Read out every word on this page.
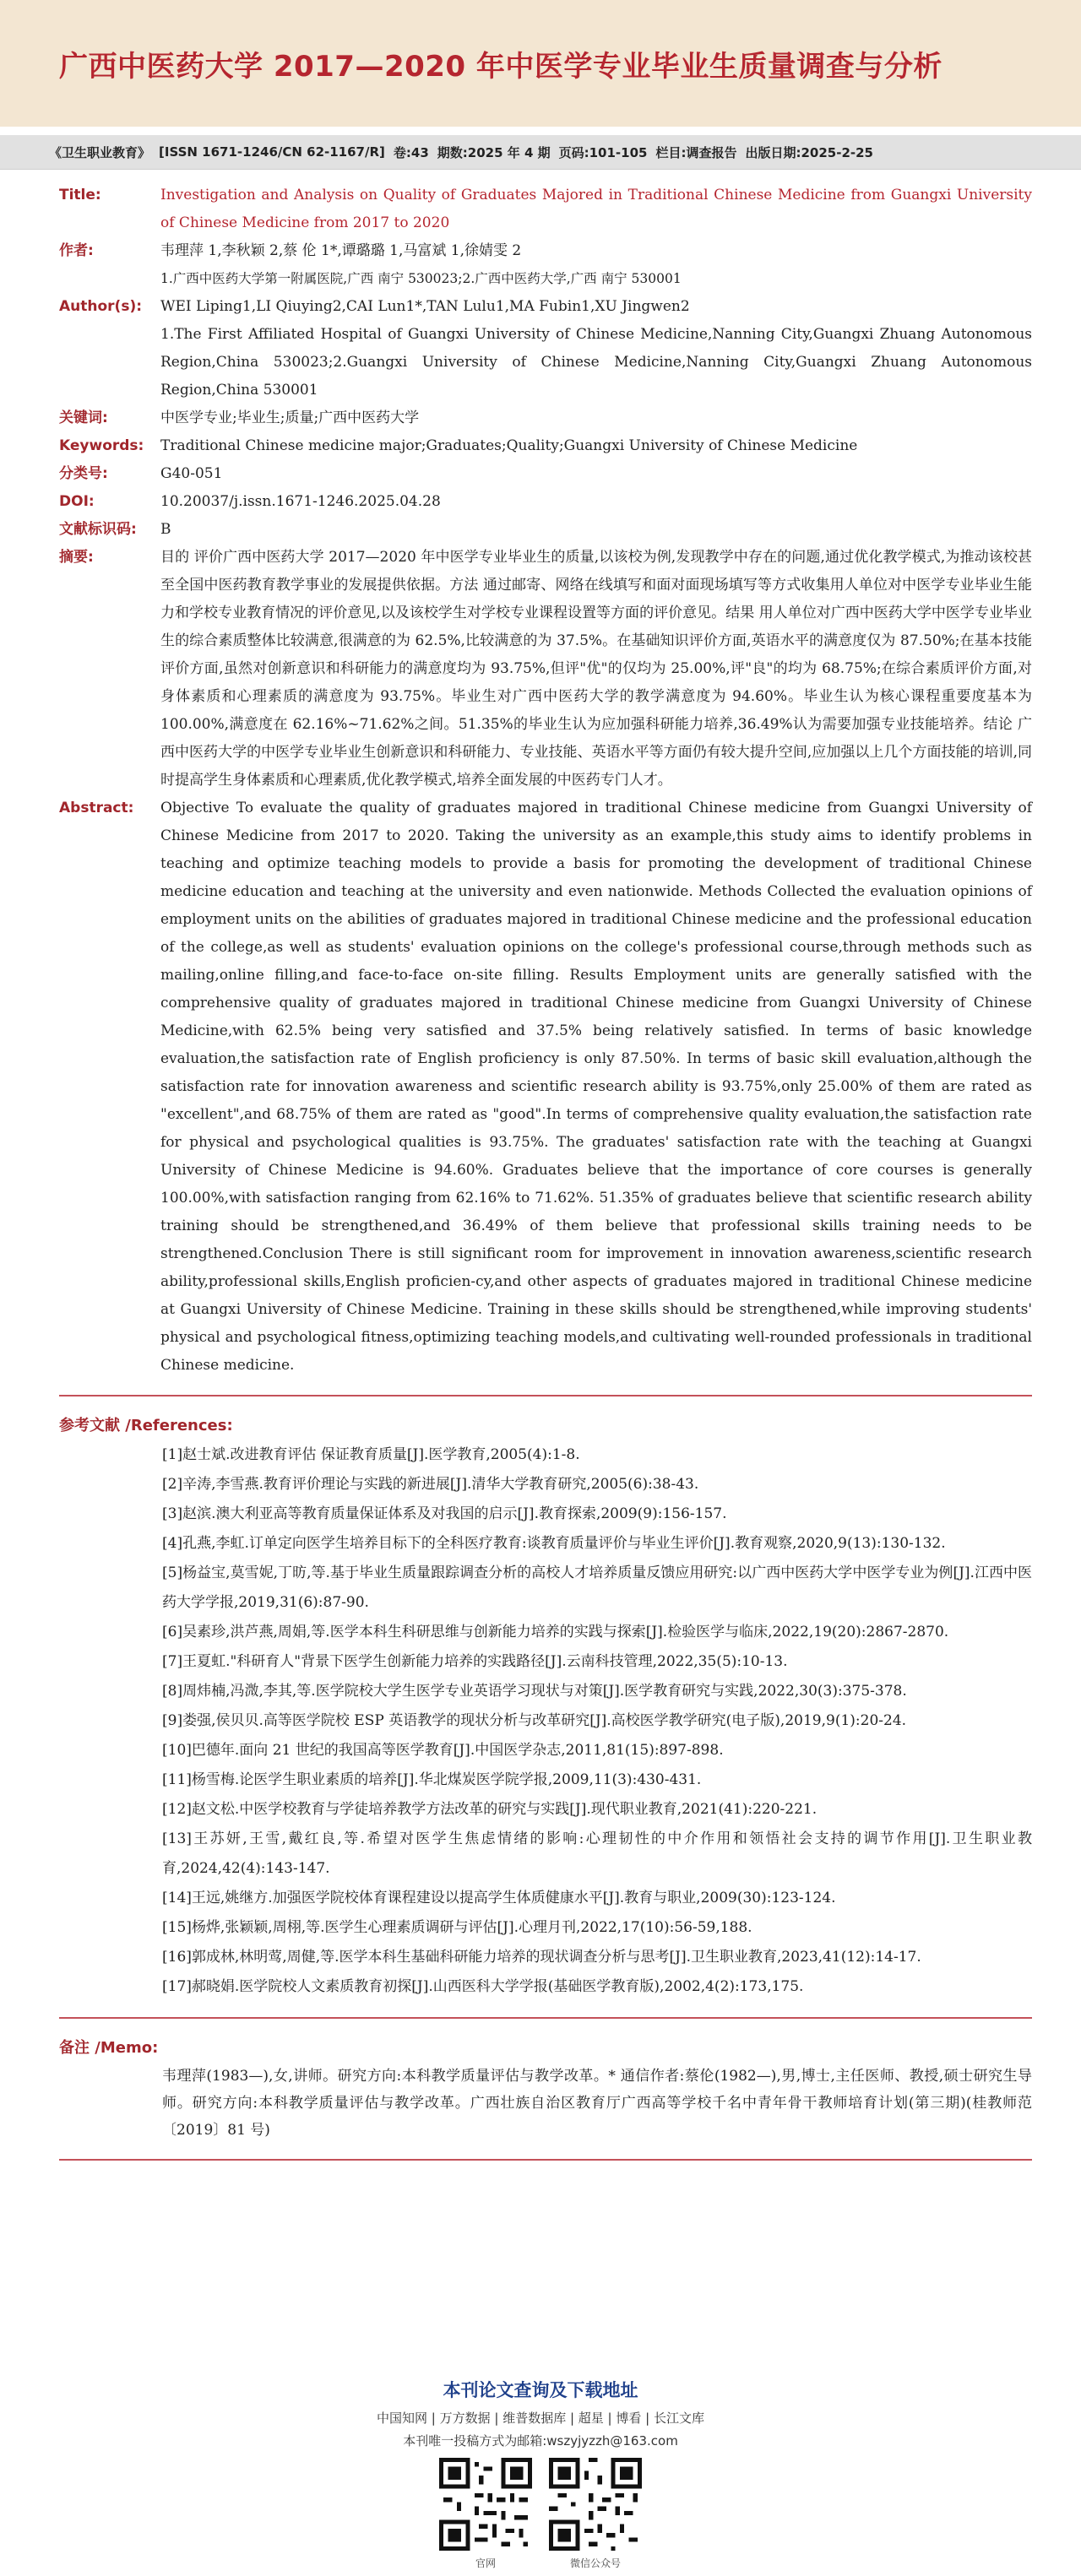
广西中医药大学 2017—2020 年中医学专业毕业生质量调查与分析
《卫生职业教育》 [ISSN 1671-1246/CN 62-1167/R] 卷:43 期数:2025 年 4 期 页码:101-105 栏目:调查报告 出版日期:2025-2-25
Title:	Investigation and Analysis on Quality of Graduates Majored in Traditional Chinese Medicine from Guangxi University of Chinese Medicine from 2017 to 2020
作者:	韦理萍 1,李秋颖 2,蔡 伦 1*,谭璐璐 1,马富斌 1,徐婧雯 2
1.广西中医药大学第一附属医院,广西 南宁 530023;2.广西中医药大学,广西 南宁 530001
Author(s):	WEI Liping1,LI Qiuying2,CAI Lun1*,TAN Lulu1,MA Fubin1,XU Jingwen2
1.The First Affiliated Hospital of Guangxi University of Chinese Medicine,Nanning City,Guangxi Zhuang Autonomous Region,China 530023;2.Guangxi University of Chinese Medicine,Nanning City,Guangxi Zhuang Autonomous Region,China 530001
关键词:	中医学专业;毕业生;质量;广西中医药大学
Keywords:	Traditional Chinese medicine major;Graduates;Quality;Guangxi University of Chinese Medicine
分类号:	G40-051
DOI:	10.20037/j.issn.1671-1246.2025.04.28
文献标识码:	B
摘要:	目的 评价广西中医药大学 2017—2020 年中医学专业毕业生的质量,以该校为例,发现教学中存在的问题,通过优化教学模式,为推动该校甚至全国中医药教育教学事业的发展提供依据。方法 通过邮寄、网络在线填写和面对面现场填写等方式收集用人单位对中医学专业毕业生能力和学校专业教育情况的评价意见,以及该校学生对学校专业课程设置等方面的评价意见。结果 用人单位对广西中医药大学中医学专业毕业生的综合素质整体比较满意,很满意的为 62.5%,比较满意的为 37.5%。在基础知识评价方面,英语水平的满意度仅为 87.50%;在基本技能评价方面,虽然对创新意识和科研能力的满意度均为 93.75%,但评"优"的仅均为 25.00%,评"良"的均为 68.75%;在综合素质评价方面,对身体素质和心理素质的满意度为 93.75%。毕业生对广西中医药大学的教学满意度为 94.60%。毕业生认为核心课程重要度基本为 100.00%,满意度在 62.16%~71.62%之间。51.35%的毕业生认为应加强科研能力培养,36.49%认为需要加强专业技能培养。结论 广西中医药大学的中医学专业毕业生创新意识和科研能力、专业技能、英语水平等方面仍有较大提升空间,应加强以上几个方面技能的培训,同时提高学生身体素质和心理素质,优化教学模式,培养全面发展的中医药专门人才。
Abstract:	Objective To evaluate the quality of graduates majored in traditional Chinese medicine from Guangxi University of Chinese Medicine from 2017 to 2020. Taking the university as an example,this study aims to identify problems in teaching and optimize teaching models to provide a basis for promoting the development of traditional Chinese medicine education and teaching at the university and even nationwide. Methods Collected the evaluation opinions of employment units on the abilities of graduates majored in traditional Chinese medicine and the professional education of the college,as well as students' evaluation opinions on the college's professional course,through methods such as mailing,online filling,and face-to-face on-site filling. Results Employment units are generally satisfied with the comprehensive quality of graduates majored in traditional Chinese medicine from Guangxi University of Chinese Medicine,with 62.5% being very satisfied and 37.5% being relatively satisfied. In terms of basic knowledge evaluation,the satisfaction rate of English proficiency is only 87.50%. In terms of basic skill evaluation,although the satisfaction rate for innovation awareness and scientific research ability is 93.75%,only 25.00% of them are rated as "excellent",and 68.75% of them are rated as "good".In terms of comprehensive quality evaluation,the satisfaction rate for physical and psychological qualities is 93.75%. The graduates' satisfaction rate with the teaching at Guangxi University of Chinese Medicine is 94.60%. Graduates believe that the importance of core courses is generally 100.00%,with satisfaction ranging from 62.16% to 71.62%. 51.35% of graduates believe that scientific research ability training should be strengthened,and 36.49% of them believe that professional skills training needs to be strengthened.Conclusion There is still significant room for improvement in innovation awareness,scientific research ability,professional skills,English proficien-cy,and other aspects of graduates majored in traditional Chinese medicine at Guangxi University of Chinese Medicine. Training in these skills should be strengthened,while improving students' physical and psychological fitness,optimizing teaching models,and cultivating well-rounded professionals in traditional Chinese medicine.
参考文献 /References:
[1]赵士斌.改进教育评估 保证教育质量[J].医学教育,2005(4):1-8.
[2]辛涛,李雪燕.教育评价理论与实践的新进展[J].清华大学教育研究,2005(6):38-43.
[3]赵滨.澳大利亚高等教育质量保证体系及对我国的启示[J].教育探索,2009(9):156-157.
[4]孔燕,李虹.订单定向医学生培养目标下的全科医疗教育:谈教育质量评价与毕业生评价[J].教育观察,2020,9(13):130-132.
[5]杨益宝,莫雪妮,丁昉,等.基于毕业生质量跟踪调查分析的高校人才培养质量反馈应用研究:以广西中医药大学中医学专业为例[J].江西中医药大学学报,2019,31(6):87-90.
[6]吴素珍,洪芦燕,周娟,等.医学本科生科研思维与创新能力培养的实践与探索[J].检验医学与临床,2022,19(20):2867-2870.
[7]王夏虹."科研育人"背景下医学生创新能力培养的实践路径[J].云南科技管理,2022,35(5):10-13.
[8]周炜楠,冯溦,李其,等.医学院校大学生医学专业英语学习现状与对策[J].医学教育研究与实践,2022,30(3):375-378.
[9]娄强,侯贝贝.高等医学院校 ESP 英语教学的现状分析与改革研究[J].高校医学教学研究(电子版),2019,9(1):20-24.
[10]巴德年.面向 21 世纪的我国高等医学教育[J].中国医学杂志,2011,81(15):897-898.
[11]杨雪梅.论医学生职业素质的培养[J].华北煤炭医学院学报,2009,11(3):430-431.
[12]赵文松.中医学校教育与学徒培养教学方法改革的研究与实践[J].现代职业教育,2021(41):220-221.
[13]王苏妍,王雪,戴红良,等.希望对医学生焦虑情绪的影响:心理韧性的中介作用和领悟社会支持的调节作用[J].卫生职业教育,2024,42(4):143-147.
[14]王远,姚继方.加强医学院校体育课程建设以提高学生体质健康水平[J].教育与职业,2009(30):123-124.
[15]杨烨,张颖颖,周栩,等.医学生心理素质调研与评估[J].心理月刊,2022,17(10):56-59,188.
[16]郭成林,林明莺,周健,等.医学本科生基础科研能力培养的现状调查分析与思考[J].卫生职业教育,2023,41(12):14-17.
[17]郝晓娟.医学院校人文素质教育初探[J].山西医科大学学报(基础医学教育版),2002,4(2):173,175.
备注 /Memo:
韦理萍(1983—),女,讲师。研究方向:本科教学质量评估与教学改革。* 通信作者:蔡伦(1982—),男,博士,主任医师、教授,硕士研究生导师。研究方向:本科教学质量评估与教学改革。广西壮族自治区教育厅广西高等学校千名中青年骨干教师培育计划(第三期)(桂教师范〔2019〕81 号)
本刊论文查询及下载地址
中国知网 | 万方数据 | 维普数据库 | 超星 | 博看 | 长江文库
本刊唯一投稿方式为邮箱:wszyjyzzh@163.com
官网	微信公众号
